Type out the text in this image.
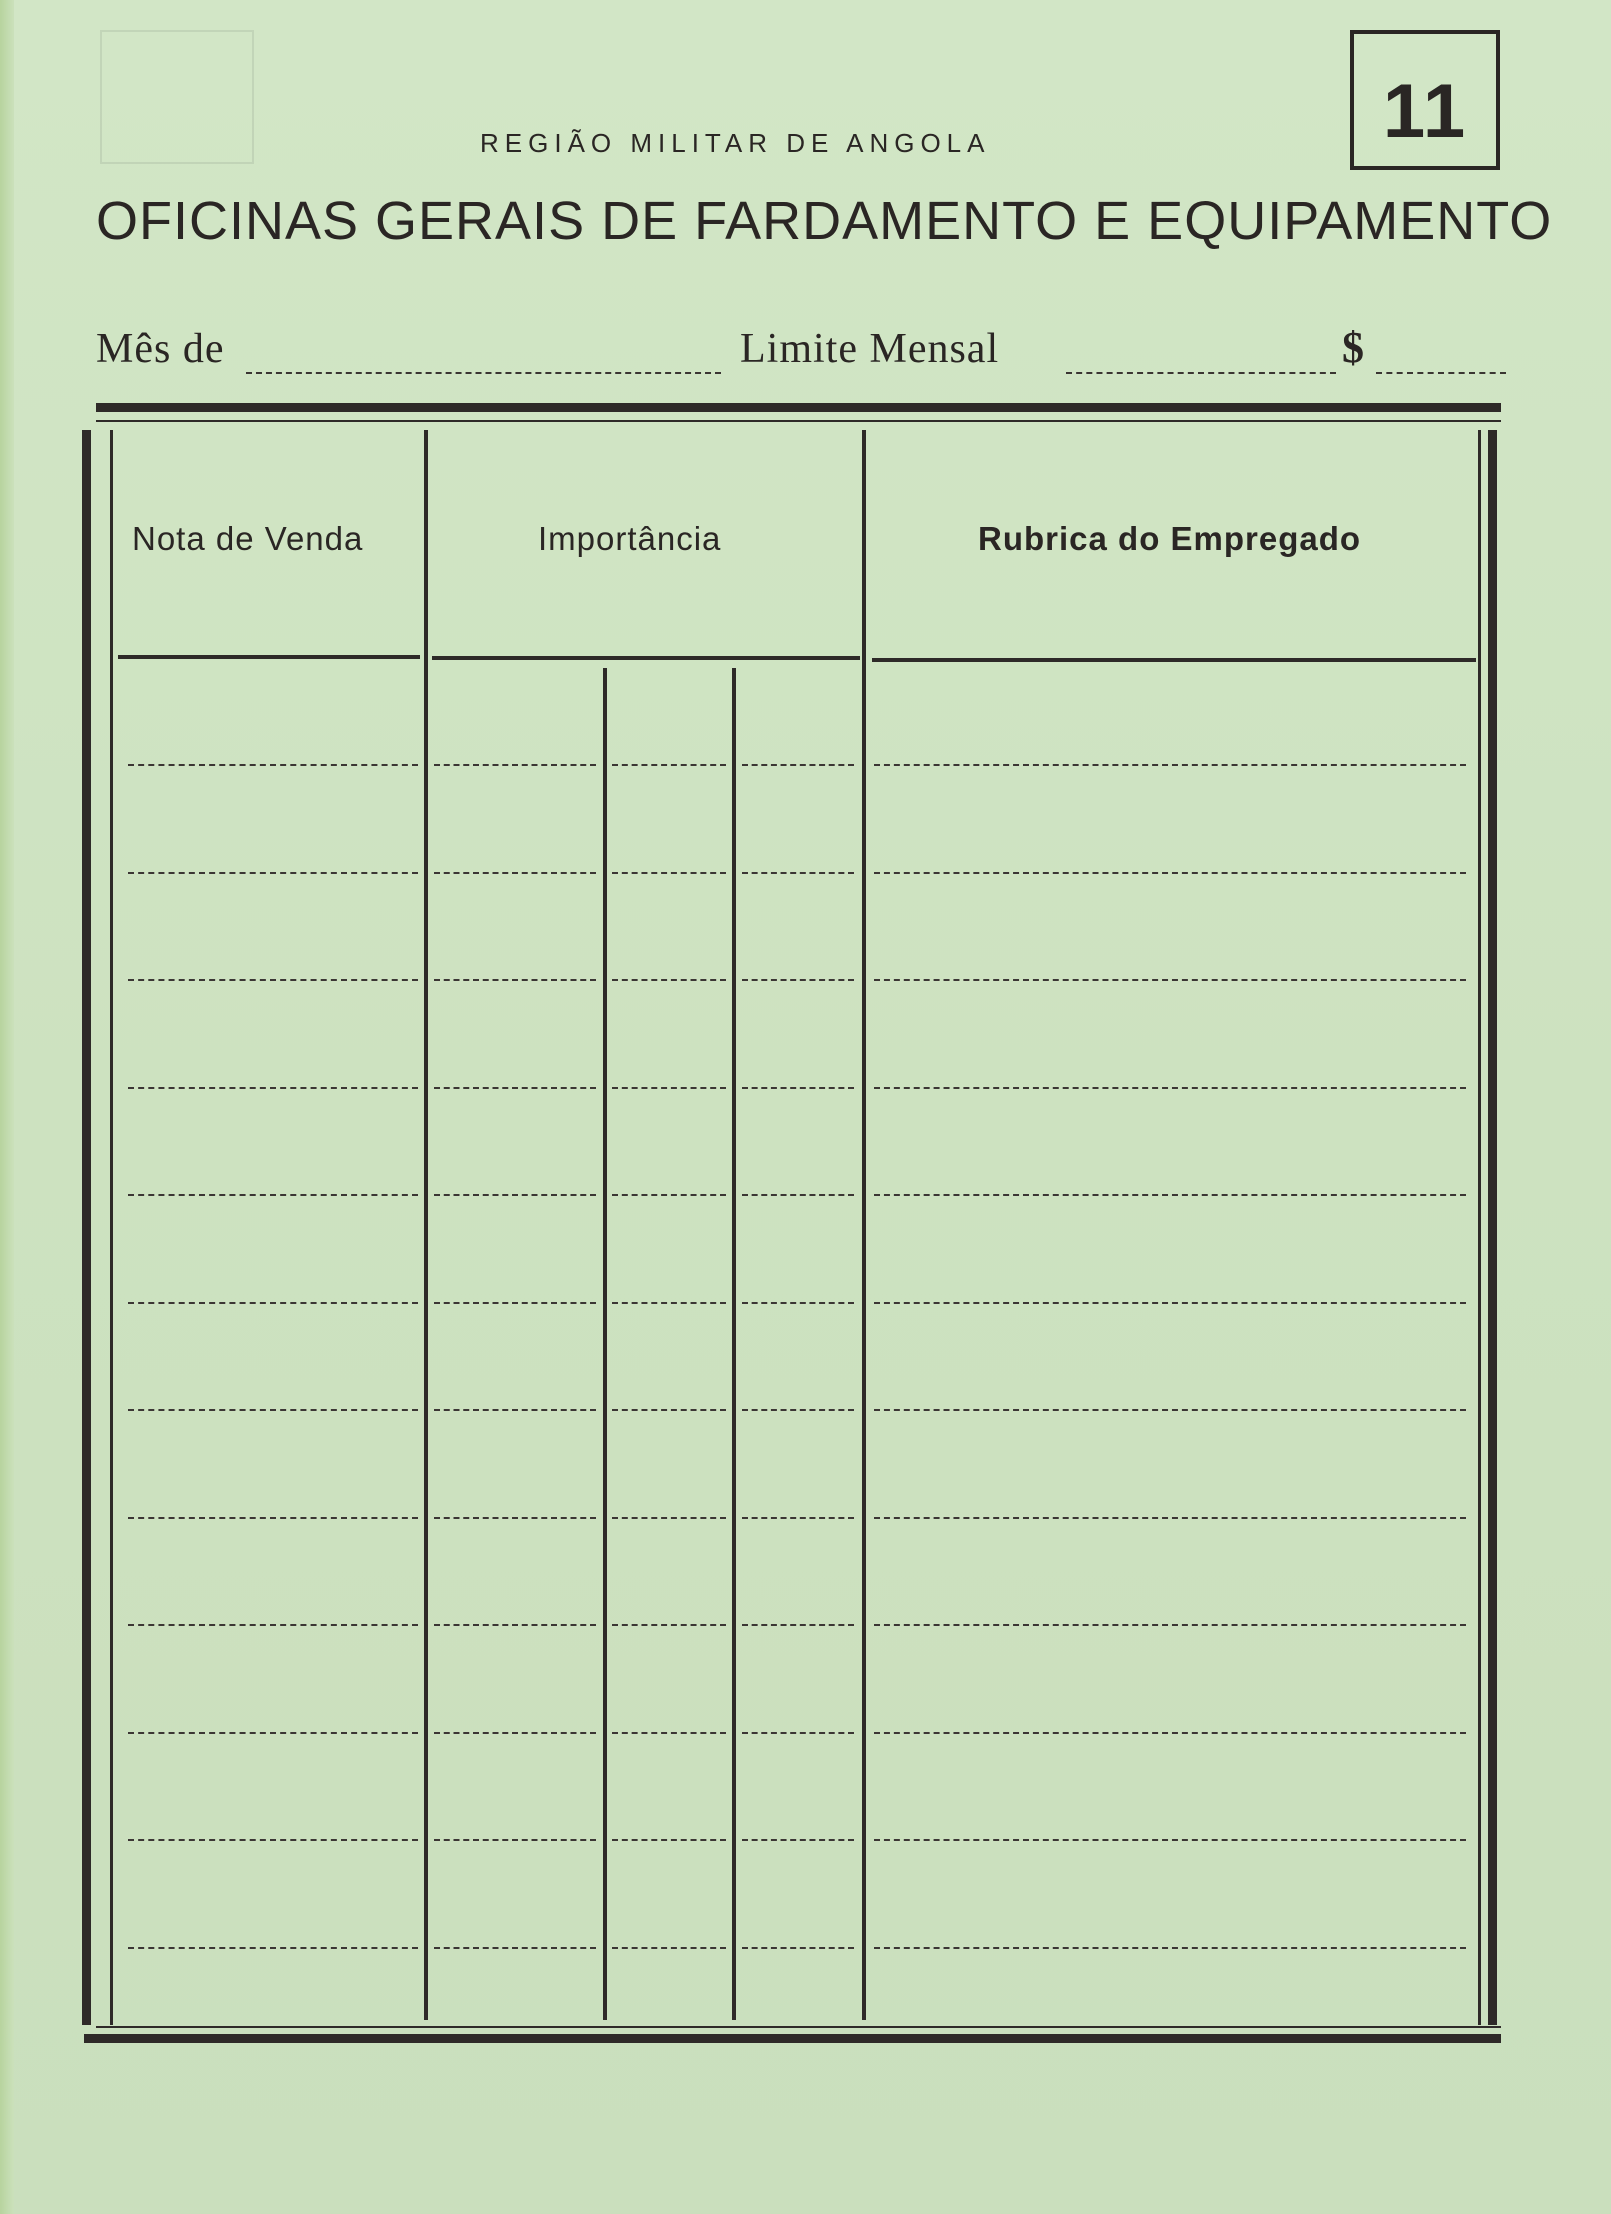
11
REGIÃO MILITAR DE ANGOLA
OFICINAS GERAIS DE FARDAMENTO E EQUIPAMENTO
Mês de	Limite Mensal	$
Nota de Venda	Importância	Rubrica do Empregado
